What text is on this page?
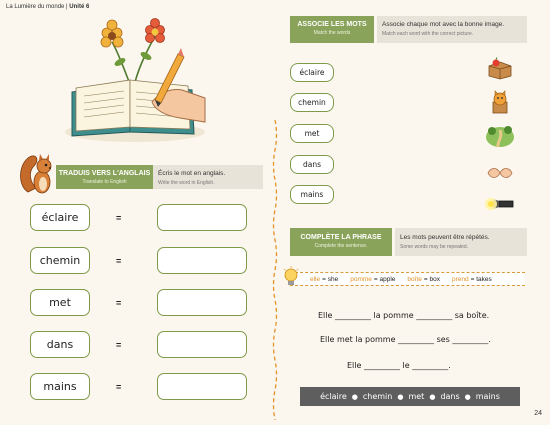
La Lumière du monde | Unité 6
TRADUIS VERS L'ANGLAIS
Translate to English
Écris le mot en anglais.
Write the word in English.
éclaire	=
chemin	=
met	=
dans	=
mains	=
ASSOCIE LES MOTS
Match the words
Associe chaque mot avec la bonne image.
Match each word with the correct picture.
éclaire
chemin
met
dans
mains
COMPLÈTE LA PHRASE
Complete the sentence.
Les mots peuvent être répétés.
Some words may be repeated.
elle = she pomme = apple boîte = box prend = takes
Elle _________ la pomme _________ sa boîte.
Elle met la pomme _________ ses _________.
Elle _________ le _________.
éclaire ● chemin ● met ● dans ● mains
24
